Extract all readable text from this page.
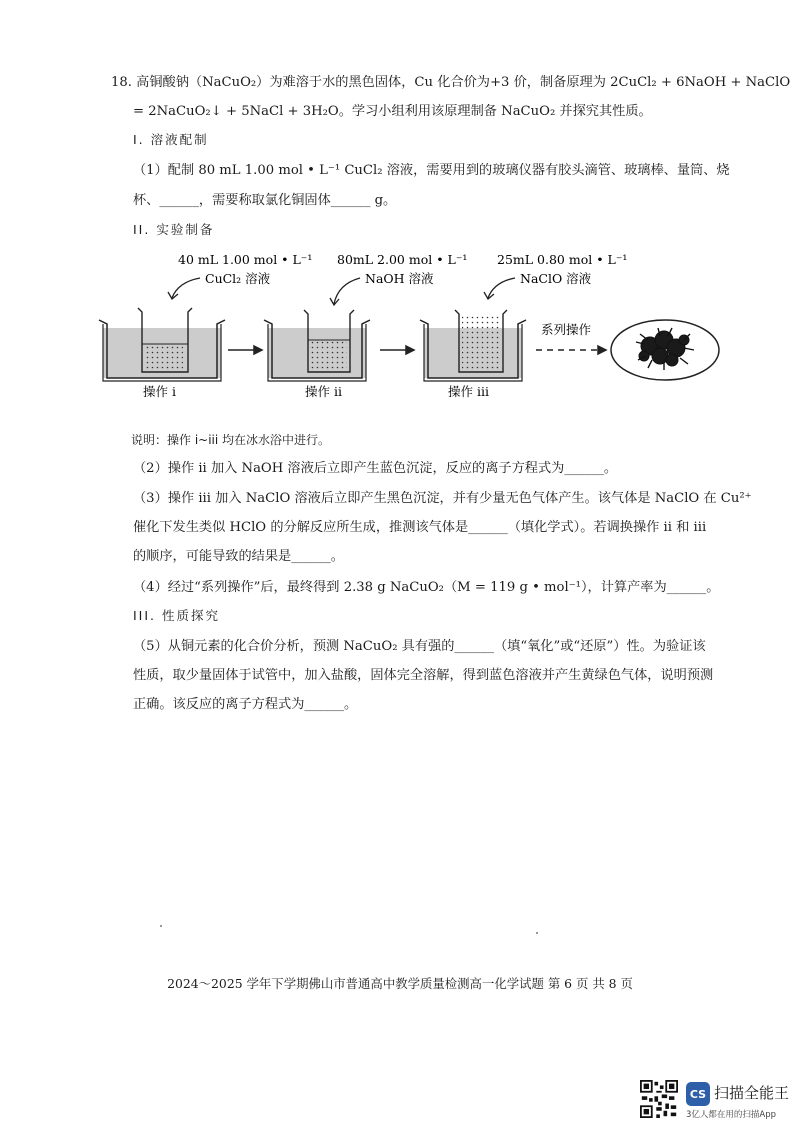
18. 高铜酸钠（NaCuO₂）为难溶于水的黑色固体，Cu 化合价为+3 价，制备原理为 2CuCl₂ + 6NaOH + NaClO
= 2NaCuO₂↓ + 5NaCl + 3H₂O。学习小组利用该原理制备 NaCuO₂ 并探究其性质。
I. 溶液配制
（1）配制 80 mL 1.00 mol • L⁻¹ CuCl₂ 溶液，需要用到的玻璃仪器有胶头滴管、玻璃棒、量筒、烧
杯、______，需要称取氯化铜固体______ g。
II. 实验制备
40 mL 1.00 mol • L⁻¹
CuCl₂ 溶液
80mL 2.00 mol • L⁻¹
NaOH 溶液
25mL 0.80 mol • L⁻¹
NaClO 溶液
操作 i	操作 ii	操作 iii
系列操作
说明：操作 i~iii 均在冰水浴中进行。
（2）操作 ii 加入 NaOH 溶液后立即产生蓝色沉淀，反应的离子方程式为______。
（3）操作 iii 加入 NaClO 溶液后立即产生黑色沉淀，并有少量无色气体产生。该气体是 NaClO 在 Cu²⁺
催化下发生类似 HClO 的分解反应所生成，推测该气体是______（填化学式）。若调换操作 ii 和 iii
的顺序，可能导致的结果是______。
（4）经过“系列操作”后，最终得到 2.38 g NaCuO₂（M = 119 g • mol⁻¹），计算产率为______。
III. 性质探究
（5）从铜元素的化合价分析，预测 NaCuO₂ 具有强的______（填“氧化”或“还原”）性。为验证该
性质，取少量固体于试管中，加入盐酸，固体完全溶解，得到蓝色溶液并产生黄绿色气体，说明预测
正确。该反应的离子方程式为______。
2024～2025 学年下学期佛山市普通高中教学质量检测高一化学试题 第 6 页 共 8 页
CS 扫描全能王
3亿人都在用的扫描App
